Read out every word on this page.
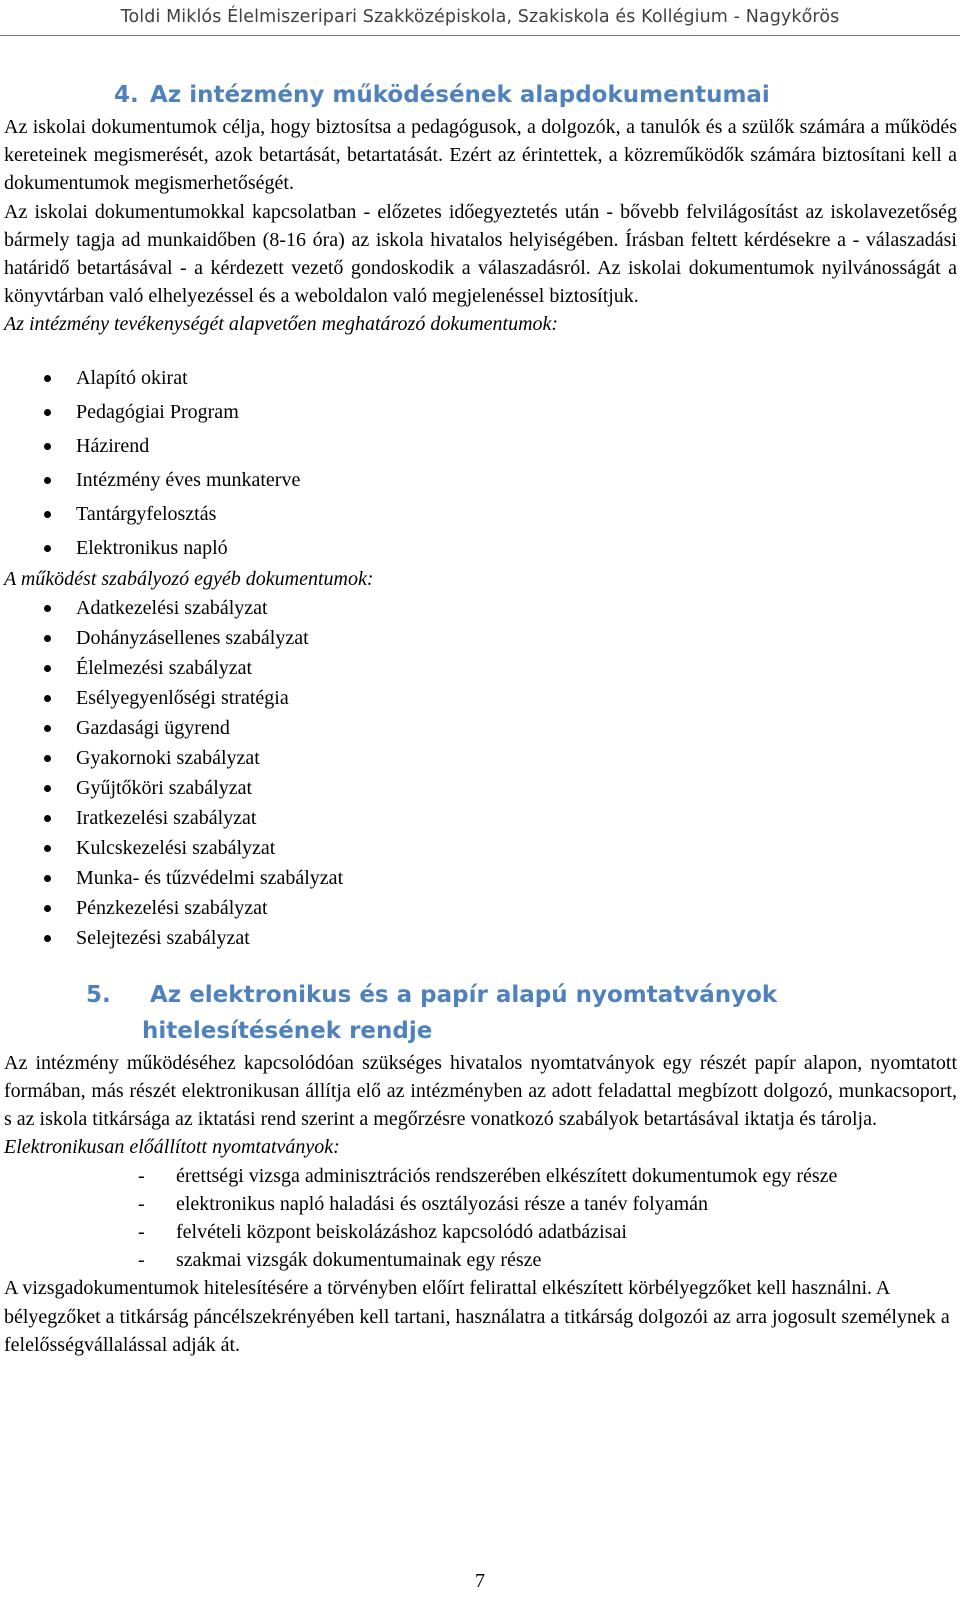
Toldi Miklós Élelmiszeripari Szakközépiskola, Szakiskola és Kollégium - Nagykőrös
4. Az intézmény működésének alapdokumentumai

Az iskolai dokumentumok célja, hogy biztosítsa a pedagógusok, a dolgozók, a tanulók és a szülők számára a működés kereteinek megismerését, azok betartását, betartatását. Ezért az érintettek, a közreműködők számára biztosítani kell a dokumentumok megismerhetőségét.

Az iskolai dokumentumokkal kapcsolatban - előzetes időegyeztetés után - bővebb felvilágosítást az iskolavezetőség bármely tagja ad munkaidőben (8-16 óra) az iskola hivatalos helyiségében. Írásban feltett kérdésekre a - válaszadási határidő betartásával - a kérdezett vezető gondoskodik a válaszadásról. Az iskolai dokumentumok nyilvánosságát a könyvtárban való elhelyezéssel és a weboldalon való megjelenéssel biztosítjuk.

Az intézmény tevékenységét alapvetően meghatározó dokumentumok:

Alapító okirat
Pedagógiai Program
Házirend
Intézmény éves munkaterve
Tantárgyfelosztás
Elektronikus napló

A működést szabályozó egyéb dokumentumok:

Adatkezelési szabályzat
Dohányzásellenes szabályzat
Élelmezési szabályzat
Esélyegyenlőségi stratégia
Gazdasági ügyrend
Gyakornoki szabályzat
Gyűjtőköri szabályzat
Iratkezelési szabályzat
Kulcskezelési szabályzat
Munka- és tűzvédelmi szabályzat
Pénzkezelési szabályzat
Selejtezési szabályzat
5. Az elektronikus és a papír alapú nyomtatványok hitelesítésének rendje

Az intézmény működéséhez kapcsolódóan szükséges hivatalos nyomtatványok egy részét papír alapon, nyomtatott formában, más részét elektronikusan állítja elő az intézményben az adott feladattal megbízott dolgozó, munkacsoport, s az iskola titkársága az iktatási rend szerint a megőrzésre vonatkozó szabályok betartásával iktatja és tárolja.

Elektronikusan előállított nyomtatványok:

- érettségi vizsga adminisztrációs rendszerében elkészített dokumentumok egy része
- elektronikus napló haladási és osztályozási része a tanév folyamán
- felvételi központ beiskolázáshoz kapcsolódó adatbázisai
- szakmai vizsgák dokumentumainak egy része

A vizsgadokumentumok hitelesítésére a törvényben előírt felirattal elkészített körbélyegzőket kell használni. A bélyegzőket a titkárság páncélszekrényében kell tartani, használatra a titkárság dolgozói az arra jogosult személynek a felelősségvállalással adják át.

7
